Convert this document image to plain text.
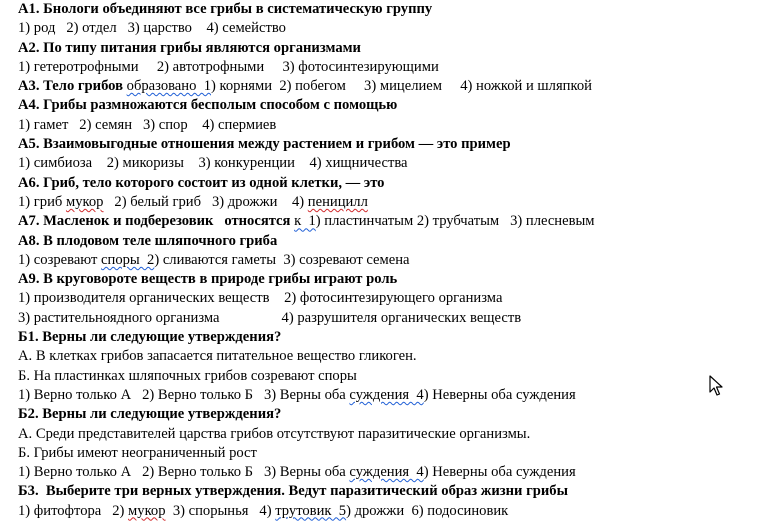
А1. Бнологи объединяют все грибы в систематическую группу
1) род   2) отдел   3) царство    4) семейство
А2. По типу питания грибы являются организмами
1) гетеротрофными     2) автотрофными     3) фотосинтезирующими
А3. Тело грибов образовано  1) корнями  2) побегом     3) мицелием     4) ножкой и шляпкой
А4. Грибы размножаются бесполым способом с помощью
1) гамет   2) семян   3) спор    4) спермиев
А5. Взаимовыгодные отношения между растением и грибом — это пример
1) симбиоза    2) микоризы    3) конкуренции    4) хищничества
А6. Гриб, тело которого состоит из одной клетки, — это
1) гриб мукор   2) белый гриб   3) дрожжи    4) пеницилл
А7. Масленок и подберезовик   относятся к  1) пластинчатым 2) трубчатым   3) плесневым
А8. В плодовом теле шляпочного гриба
1) созревают споры  2) сливаются гаметы  3) созревают семена
А9. В круговороте веществ в природе грибы играют роль
1) производителя органических веществ    2) фотосинтезирующего организма
3) растительноядного организма                 4) разрушителя органических веществ
Б1. Верны ли следующие утверждения?
А. В клетках грибов запасается питательное вещество гликоген.
Б. На пластинках шляпочных грибов созревают споры
1) Верно только А   2) Верно только Б   3) Верны оба суждения  4) Неверны оба суждения
Б2. Верны ли следующие утверждения?
А. Среди представителей царства грибов отсутствуют паразитические организмы.
Б. Грибы имеют неограниченный рост
1) Верно только А   2) Верно только Б   3) Верны оба суждения  4) Неверны оба суждения
Б3.  Выберите три верных утверждения. Ведут паразитический образ жизни грибы
1) фитофтора   2) мукор  3) спорынья   4) трутовик  5) дрожжи  6) подосиновик
